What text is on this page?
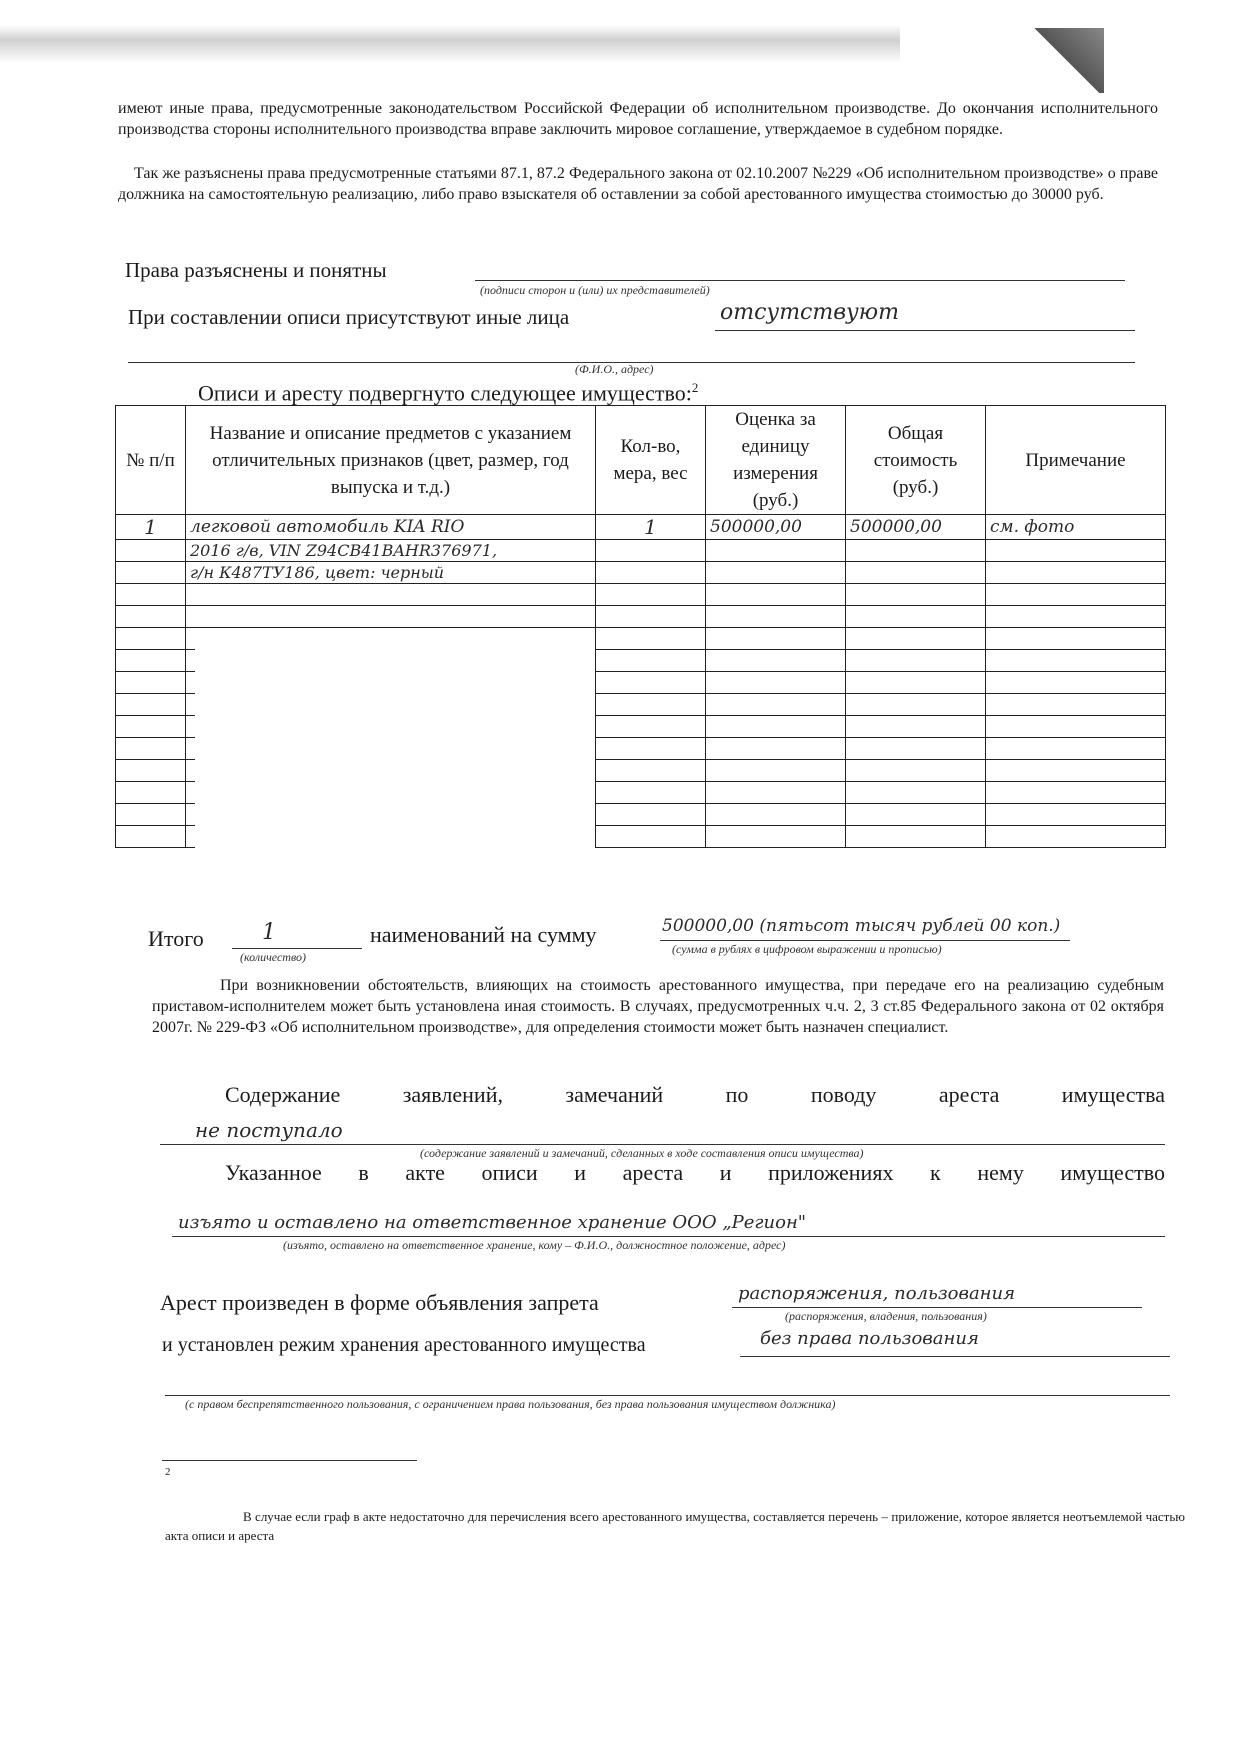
имеют иные права, предусмотренные законодательством Российской Федерации об исполнительном производстве. До окончания исполнительного производства стороны исполнительного производства вправе заключить мировое соглашение, утверждаемое в судебном порядке.
Так же разъяснены права предусмотренные статьями 87.1, 87.2 Федерального закона от 02.10.2007 №229 «Об исполнительном производстве» о праве должника на самостоятельную реализацию, либо право взыскателя об оставлении за собой арестованного имущества стоимостью до 30000 руб.
Права разъяснены и понятны
(подписи сторон и (или) их представителей)
При составлении описи присутствуют иные лица	отсутствуют
(Ф.И.О., адрес)
Описи и аресту подвергнуто следующее имущество:$^2$
№ п/п	Название и описание предметов с указанием отличительных признаков (цвет, размер, год выпуска и т.д.)	Кол-во, мера, вес	Оценка за единицу измерения (руб.)	Общая стоимость (руб.)	Примечание
1	легковой автомобиль KIA RIO	1	500000,00	500000,00	см. фото
	2016 г/в, VIN Z94CB41BAHR376971,				
	г/н К487ТУ186, цвет: черный				

Итого	1
(количество)
наименований на сумму	500000,00 (пятьсот тысяч рублей 00 коп.)
(сумма в рублях в цифровом выражении и прописью)
При возникновении обстоятельств, влияющих на стоимость арестованного имущества, при передаче его на реализацию судебным приставом-исполнителем может быть установлена иная стоимость. В случаях, предусмотренных ч.ч. 2, 3 ст.85 Федерального закона от 02 октября 2007г. № 229-ФЗ «Об исполнительном производстве», для определения стоимости может быть назначен специалист.
Содержание заявлений, замечаний по поводу ареста имущества
не поступало
(содержание заявлений и замечаний, сделанных в ходе составления описи имущества)
Указанное в акте описи и ареста и приложениях к нему имущество
изъято и оставлено на ответственное хранение ООО „Регион"
(изъято, оставлено на ответственное хранение, кому – Ф.И.О., должностное положение, адрес)
Арест произведен в форме объявления запрета	распоряжения, пользования
(распоряжения, владения, пользования)
и установлен режим хранения арестованного имущества	без права пользования
(с правом беспрепятственного пользования, с ограничением права пользования, без права пользования имуществом должника)
2
В случае если граф в акте недостаточно для перечисления всего арестованного имущества, составляется перечень – приложение, которое является неотъемлемой частью акта описи и ареста
